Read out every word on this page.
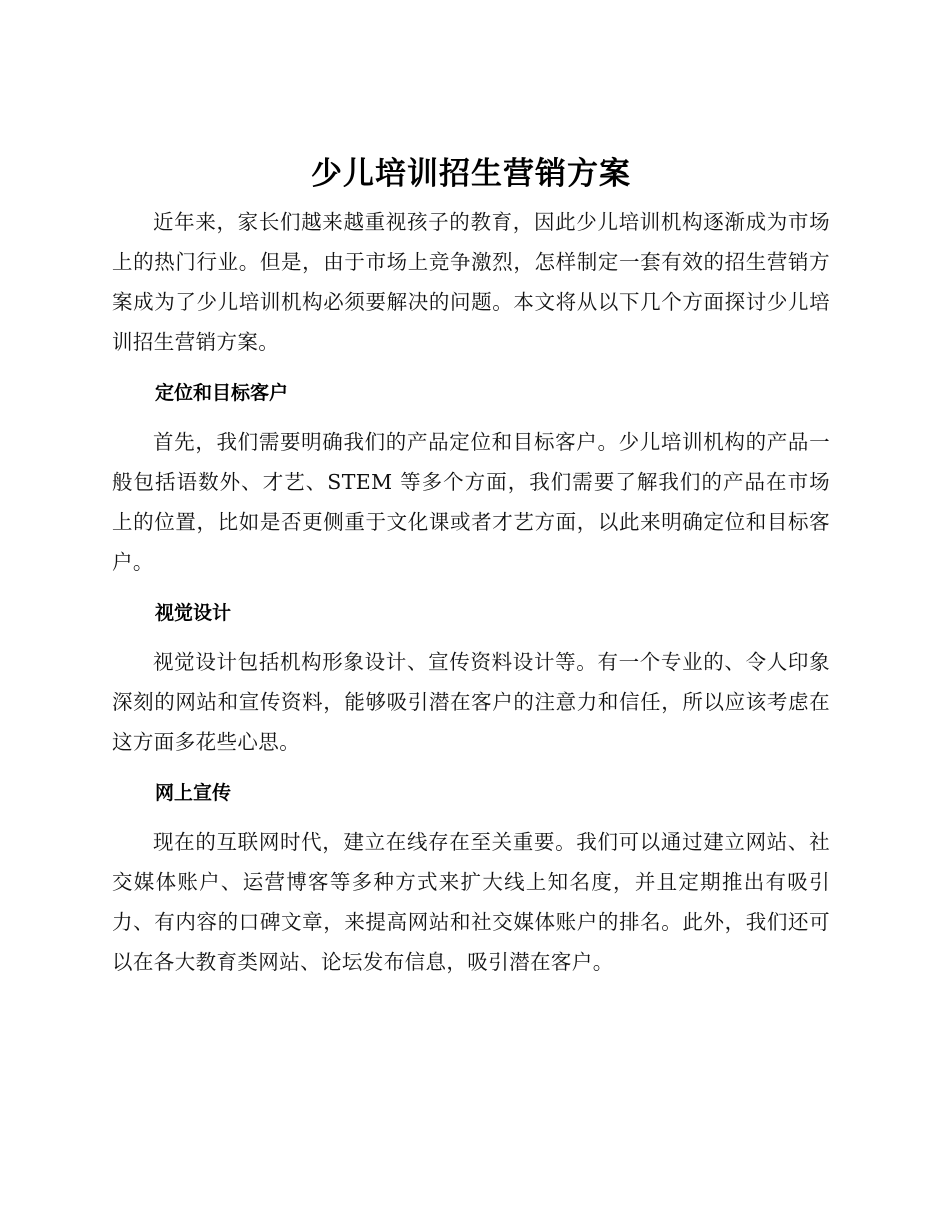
少儿培训招生营销方案

近年来，家长们越来越重视孩子的教育，因此少儿培训机构逐渐成为市场上的热门行业。但是，由于市场上竞争激烈，怎样制定一套有效的招生营销方案成为了少儿培训机构必须要解决的问题。本文将从以下几个方面探讨少儿培训招生营销方案。

定位和目标客户

首先，我们需要明确我们的产品定位和目标客户。少儿培训机构的产品一般包括语数外、才艺、STEM 等多个方面，我们需要了解我们的产品在市场上的位置，比如是否更侧重于文化课或者才艺方面，以此来明确定位和目标客户。

视觉设计

视觉设计包括机构形象设计、宣传资料设计等。有一个专业的、令人印象深刻的网站和宣传资料，能够吸引潜在客户的注意力和信任，所以应该考虑在这方面多花些心思。

网上宣传

现在的互联网时代，建立在线存在至关重要。我们可以通过建立网站、社交媒体账户、运营博客等多种方式来扩大线上知名度，并且定期推出有吸引力、有内容的口碑文章，来提高网站和社交媒体账户的排名。此外，我们还可以在各大教育类网站、论坛发布信息，吸引潜在客户。
